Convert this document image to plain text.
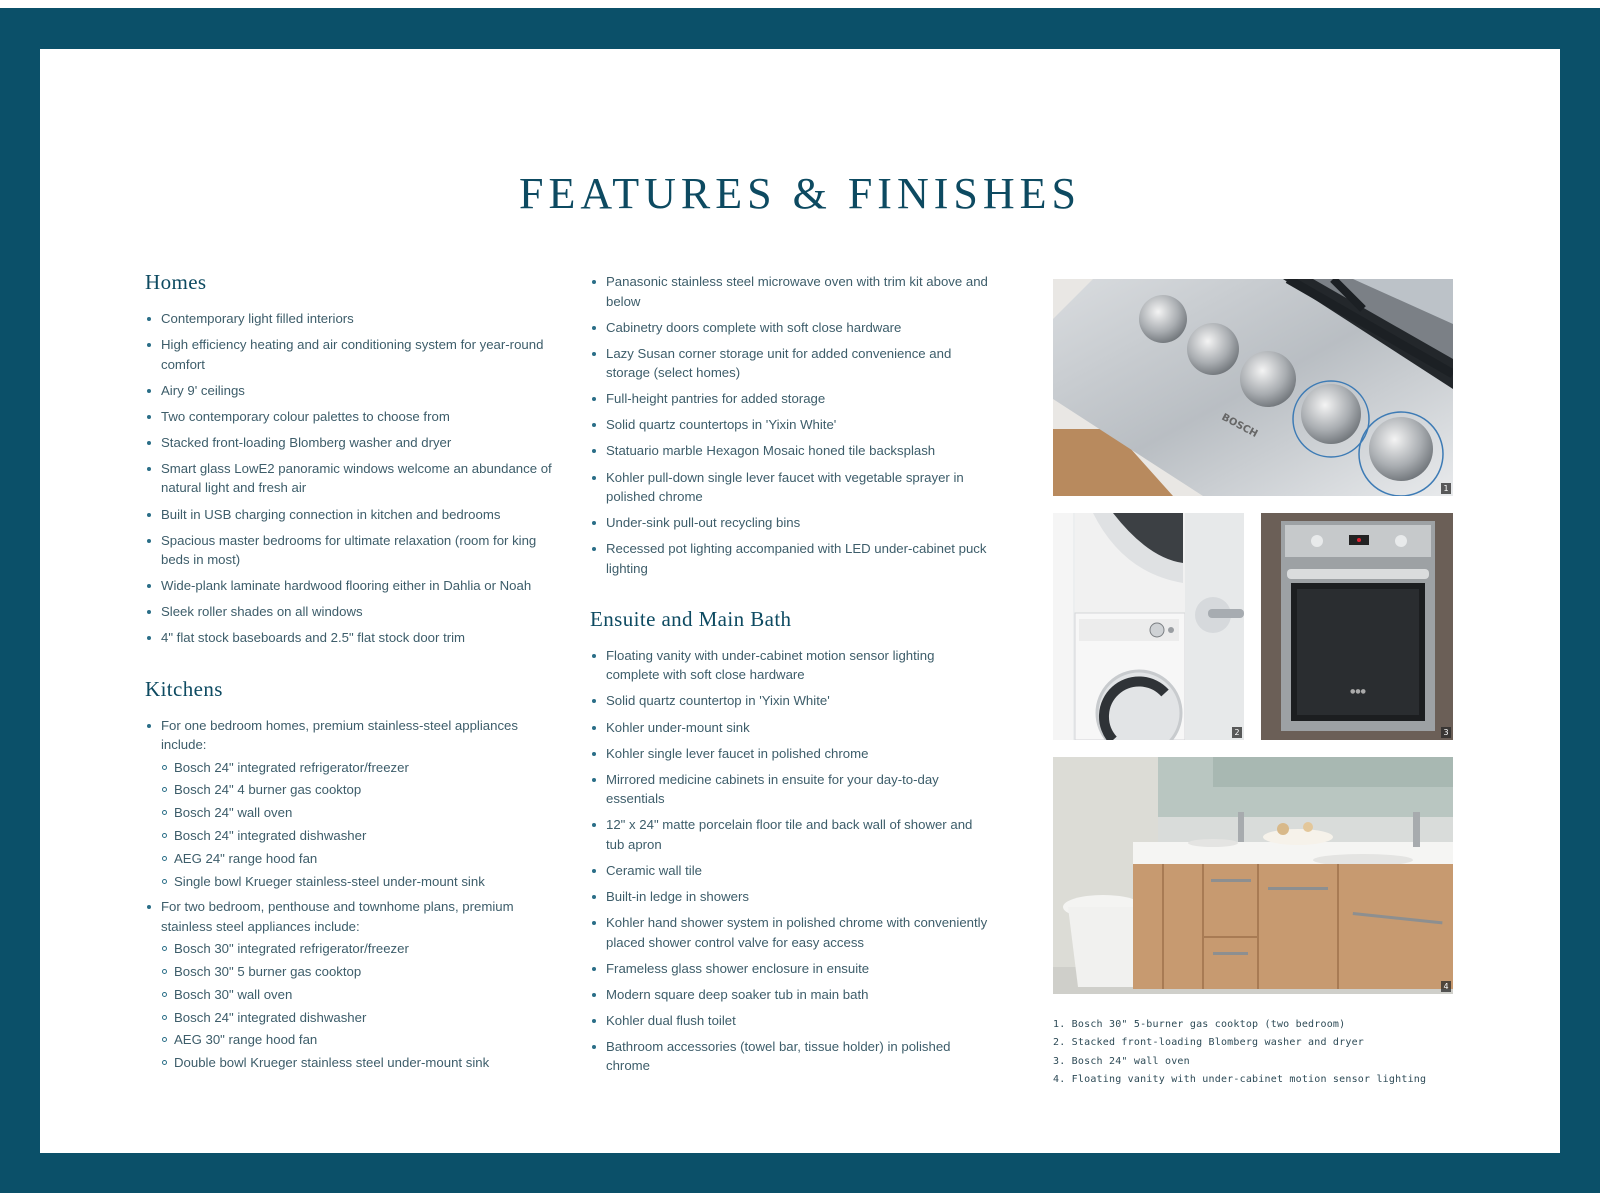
FEATURES & FINISHES
Homes
Contemporary light filled interiors
High efficiency heating and air conditioning system for year-round comfort
Airy 9' ceilings
Two contemporary colour palettes to choose from
Stacked front-loading Blomberg washer and dryer
Smart glass LowE2 panoramic windows welcome an abundance of natural light and fresh air
Built in USB charging connection in kitchen and bedrooms
Spacious master bedrooms for ultimate relaxation (room for king beds in most)
Wide-plank laminate hardwood flooring either in Dahlia or Noah
Sleek roller shades on all windows
4" flat stock baseboards and 2.5" flat stock door trim
Kitchens
For one bedroom homes, premium stainless-steel appliances include:
Bosch 24" integrated refrigerator/freezer
Bosch 24" 4 burner gas cooktop
Bosch 24" wall oven
Bosch 24" integrated dishwasher
AEG 24" range hood fan
Single bowl Krueger stainless-steel under-mount sink
For two bedroom, penthouse and townhome plans, premium stainless steel appliances include:
Bosch 30" integrated refrigerator/freezer
Bosch 30" 5 burner gas cooktop
Bosch 30" wall oven
Bosch 24" integrated dishwasher
AEG 30" range hood fan
Double bowl Krueger stainless steel under-mount sink
Panasonic stainless steel microwave oven with trim kit above and below
Cabinetry doors complete with soft close hardware
Lazy Susan corner storage unit for added convenience and storage (select homes)
Full-height pantries for added storage
Solid quartz countertops in 'Yixin White'
Statuario marble Hexagon Mosaic honed tile backsplash
Kohler pull-down single lever faucet with vegetable sprayer in polished chrome
Under-sink pull-out recycling bins
Recessed pot lighting accompanied with LED under-cabinet puck lighting
Ensuite and Main Bath
Floating vanity with under-cabinet motion sensor lighting complete with soft close hardware
Solid quartz countertop in 'Yixin White'
Kohler under-mount sink
Kohler single lever faucet in polished chrome
Mirrored medicine cabinets in ensuite for your day-to-day essentials
12" x 24" matte porcelain floor tile and back wall of shower and tub apron
Ceramic wall tile
Built-in ledge in showers
Kohler hand shower system in polished chrome with conveniently placed shower control valve for easy access
Frameless glass shower enclosure in ensuite
Modern square deep soaker tub in main bath
Kohler dual flush toilet
Bathroom accessories (towel bar, tissue holder) in polished chrome
BOSCH
1
2
●●●
3
4
1. Bosch 30" 5-burner gas cooktop (two bedroom)
2. Stacked front-loading Blomberg washer and dryer
3. Bosch 24" wall oven
4. Floating vanity with under-cabinet motion sensor lighting
